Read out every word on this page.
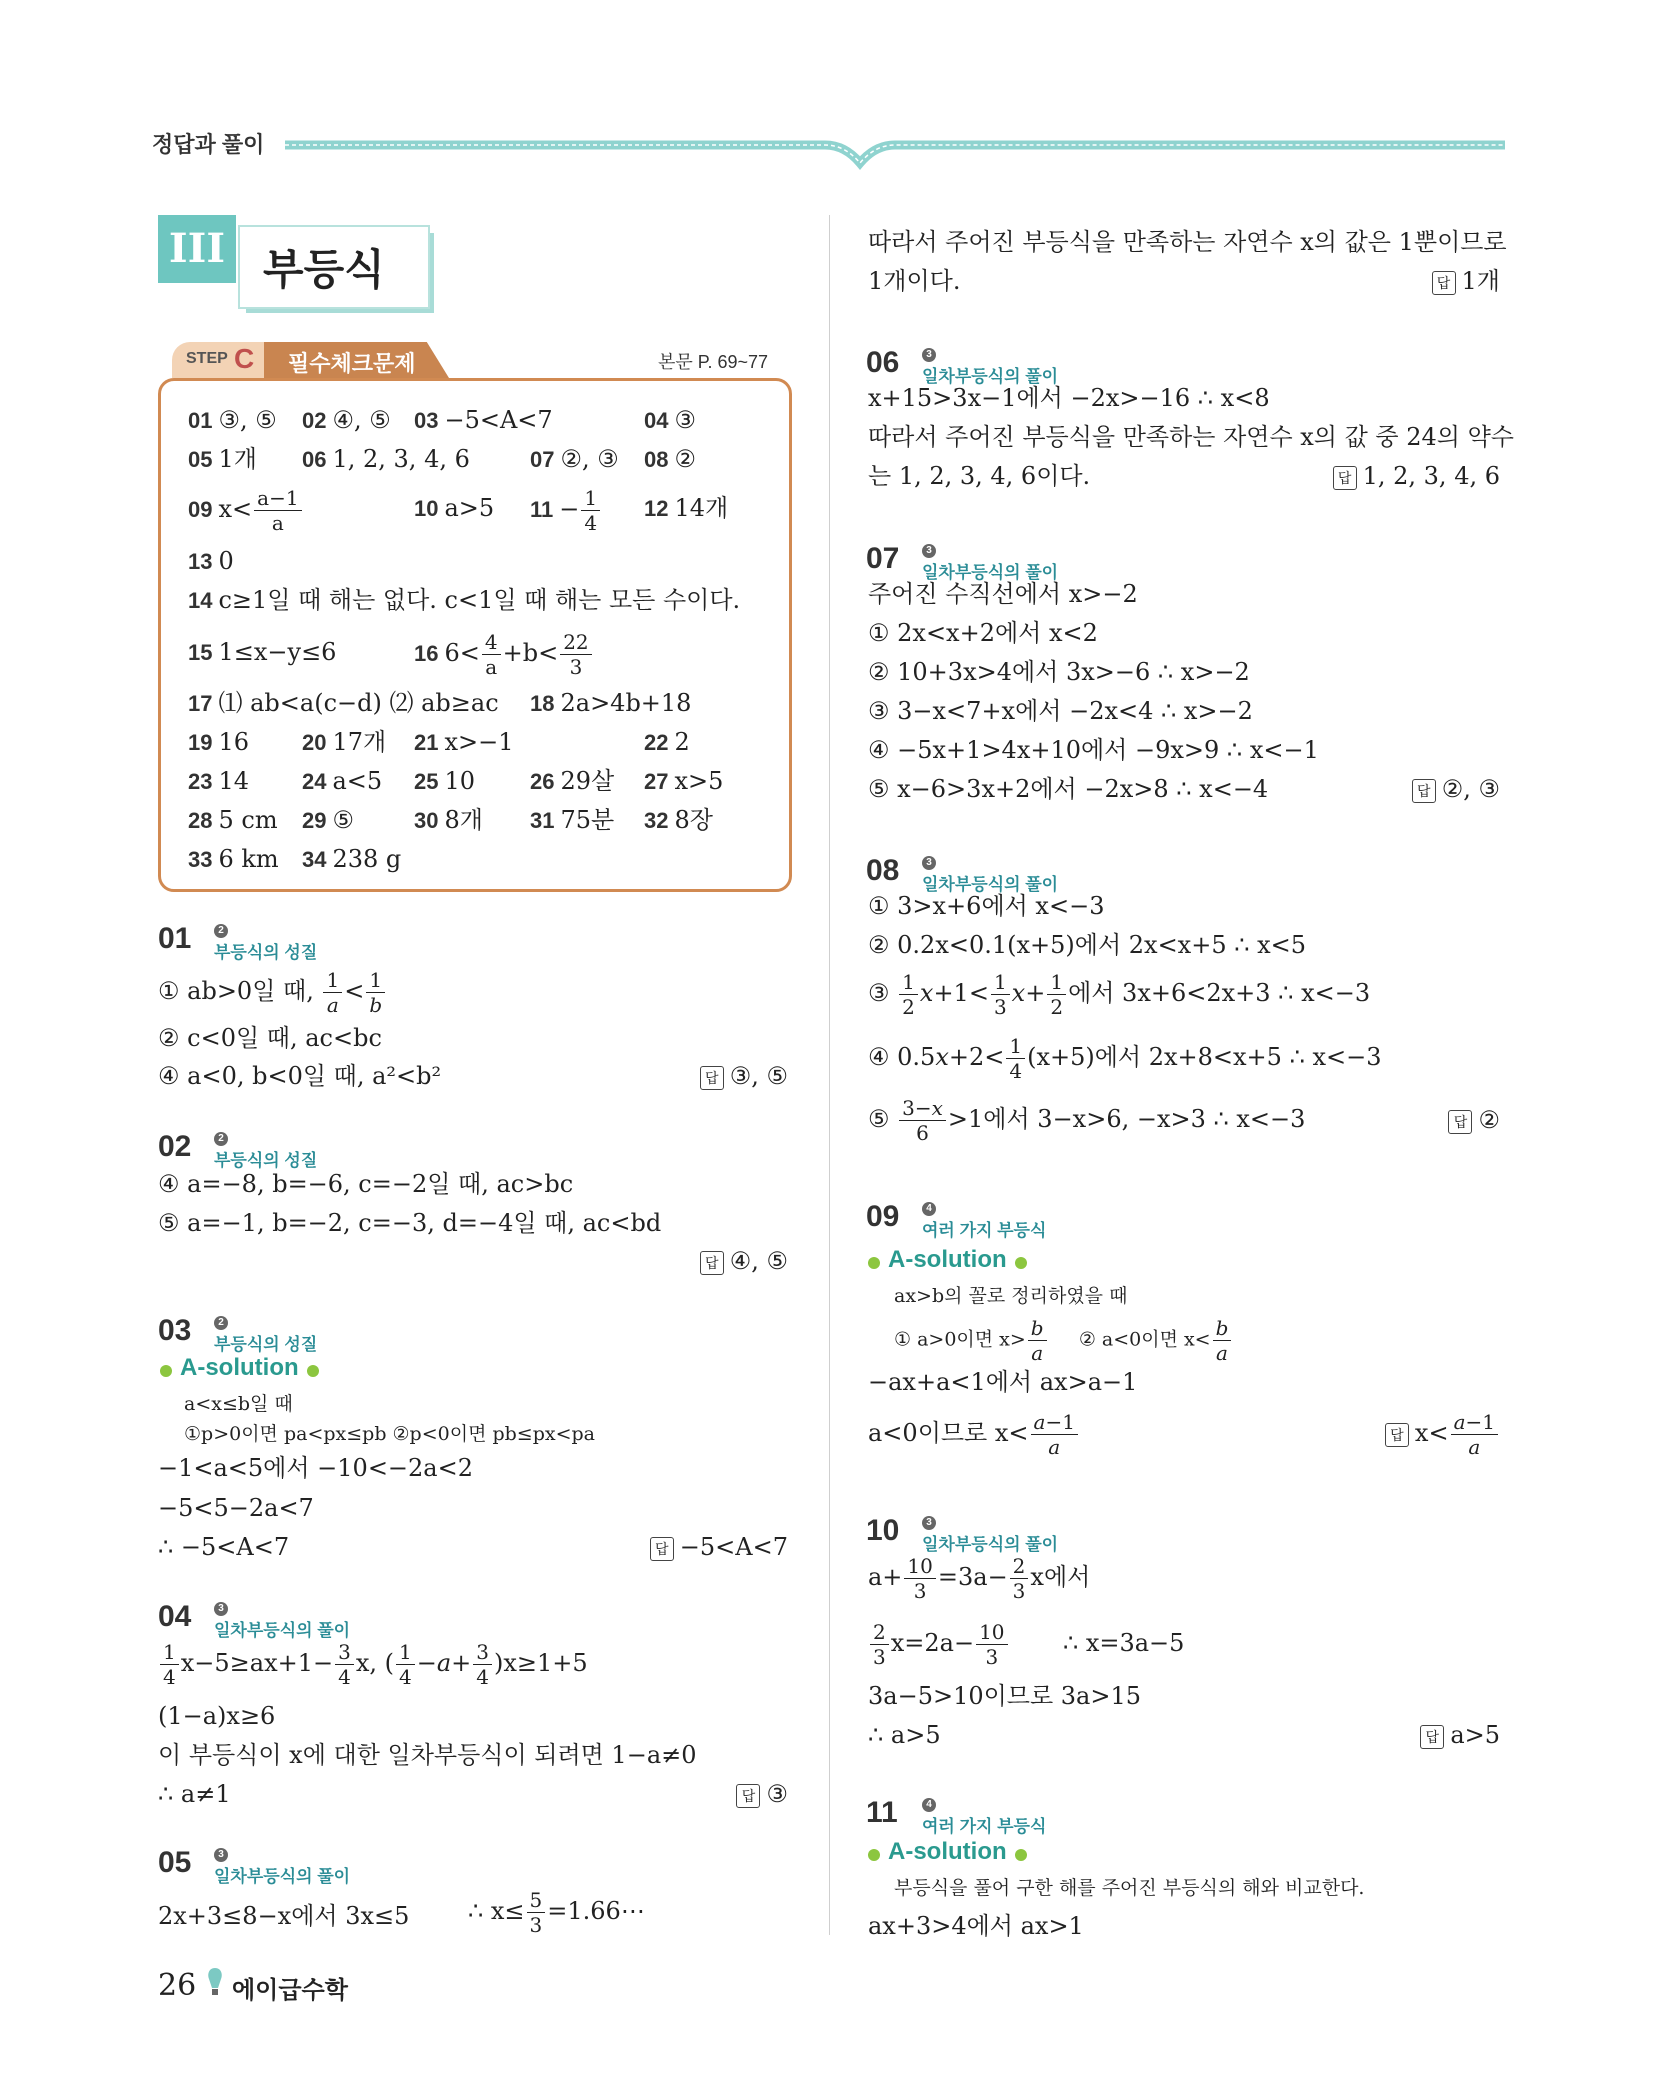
정답과 풀이
III 부등식
STEP C 필수체크문제	본문 P. 69~77
01 ③, ⑤ 02 ④, ⑤ 03 −5<A<7	04 ③
05 1개 06 1, 2, 3, 4, 6	07 ②, ③ 08 ②
09 $x< \frac{a-1}{a}$	10 a>5 $11 - \frac{1}{4} 12$ 14개
13 0
14 c≥1일 때 해는 없다. c<1일 때 해는 모든 수이다.
15 1≤x−y≤6	16 $6< \frac{4}{a} +b< \frac{22}{3}$
17 ⑴ ab<a(c−d) ⑵ ab≥ac 18 2a>4b+18
19 16 20 17개 21 x>−1	22 2
23 14 24 a<5 25 10 26 29살 27 x>5
28 5 cm 29 ⑤	30 8개 31 75분 32 8장
33 6 km 34 238 g
01	2
부등식의 성질
① ab>0일 때, $\frac{1}{a} < \frac{1}{b}$
② c<0일 때, ac<bc
④ a<0, b<0일 때, a²<b²	답 ③, ⑤
02	2
부등식의 성질
④ a=−8, b=−6, c=−2일 때, ac>bc
⑤ a=−1, b=−2, c=−3, d=−4일 때, ac<bd
답 ④, ⑤
03	2
부등식의 성질
A-solution
a<x≤b일 때
①p>0이면 pa<px≤pb ②p<0이면 pb≤px<pa
−1<a<5에서 −10<−2a<2
−5<5−2a<7
∴ −5<A<7	답 −5<A<7
04	3
일차부등식의 풀이
$\frac{1}{4} x-5\ge ax+1- \frac{3}{4} x$, ( $\frac{1}{4} -a+ \frac{3}{4} )x\ge 1+5$
(1−a)x≥6
이 부등식이 x에 대한 일차부등식이 되려면 1−a≠0
∴ a≠1	답 ③
05	3
일차부등식의 풀이
2x+3≤8−x에서 3x≤5 ∴ $x\le \frac{5}{3}$ =1.66⋯
따라서 주어진 부등식을 만족하는 자연수 x의 값은 1뿐이므로
1개이다.	답 1개
06	3
일차부등식의 풀이
x+15>3x−1에서 −2x>−16 ∴ x<8
따라서 주어진 부등식을 만족하는 자연수 x의 값 중 24의 약수
는 1, 2, 3, 4, 6이다.	답 1, 2, 3, 4, 6
07	3
일차부등식의 풀이
주어진 수직선에서 x>−2
① 2x<x+2에서 x<2
② 10+3x>4에서 3x>−6 ∴ x>−2
③ 3−x<7+x에서 −2x<4 ∴ x>−2
④ −5x+1>4x+10에서 −9x>9 ∴ x<−1
⑤ x−6>3x+2에서 −2x>8 ∴ x<−4	답 ②, ③
08	3
일차부등식의 풀이
① 3>x+6에서 x<−3
② 0.2x<0.1(x+5)에서 2x<x+5 ∴ x<5
③ $\frac{1}{2} x+1< \frac{1}{3} x+ \frac{1}{2}$ 에서 3x+6<2x+3 ∴ x<−3
④ $0.5x+2< \frac{1}{4} (x+5)$에서 2x+8<x+5 ∴ x<−3
⑤ $\frac{3-x}{6} >1$에서 3−x>6, −x>3 ∴ x<−3	답 ②
09	4
여러 가지 부등식
A-solution
ax>b의 꼴로 정리하였을 때
① a>0이면 $x> \frac{b}{a}$ ② a<0이면 $x< \frac{b}{a}$
−ax+a<1에서 ax>a−1
a<0이므로 $x< \frac{a-1}{a}$	답 $x< \frac{a-1}{a}$
10	3
일차부등식의 풀이
$a+ \frac{10}{3} =3a- \frac{2}{3}$ x에서
$\frac{2}{3} x=2a- \frac{10}{3}$ ∴ x=3a−5
3a−5>10이므로 3a>15
∴ a>5	답 a>5
11	4
여러 가지 부등식
A-solution
부등식을 풀어 구한 해를 주어진 부등식의 해와 비교한다.
ax+3>4에서 ax>1
26 에이급수학
